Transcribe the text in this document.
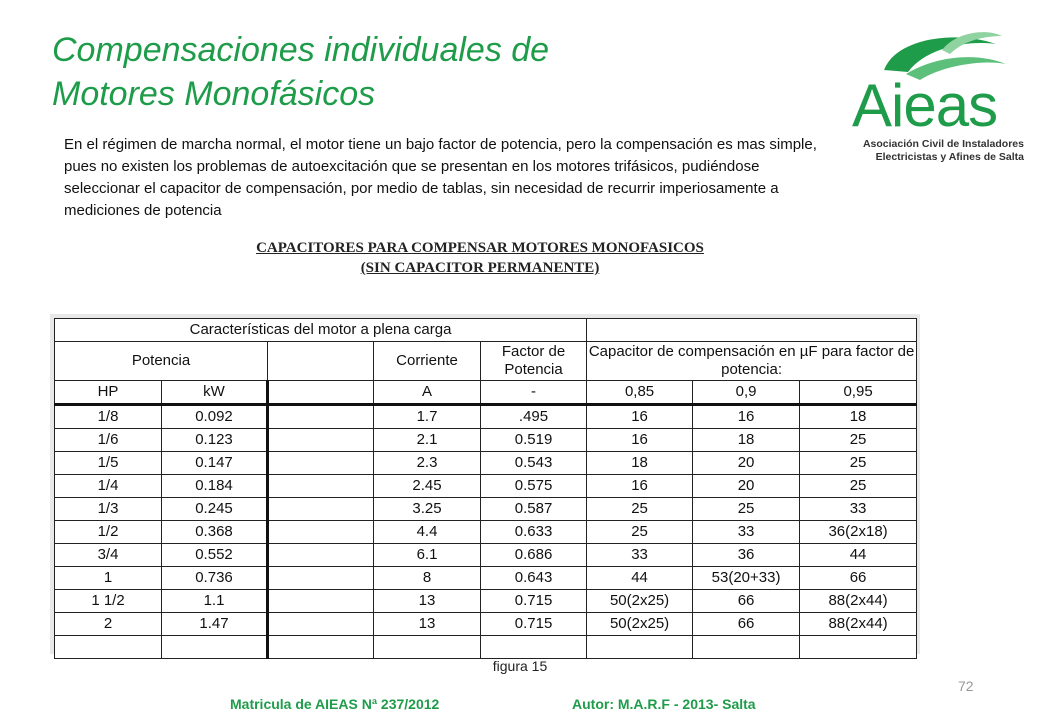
Compensaciones individuales de
Motores Monofásicos	Aieas
Asociación Civil de Instaladores
Electricistas y Afines de Salta

En el régimen de marcha normal, el motor tiene un bajo factor de potencia, pero la compensación es mas simple, pues no existen los problemas de autoexcitación que se presentan en los motores trifásicos, pudiéndose seleccionar el capacitor de compensación, por medio de tablas, sin necesidad de recurrir imperiosamente a mediciones de potencia

CAPACITORES PARA COMPENSAR MOTORES MONOFASICOS
(SIN CAPACITOR PERMANENTE)
Características del motor a plena carga							
Potencia			Corriente	Factor de Potencia	Capacitor de compensación en µF para factor de potencia:		
HP	kW		A	-	0,85	0,9	0,95
1/8	0.092		1.7	.495	16	16	18
1/6	0.123		2.1	0.519	16	18	25
1/5	0.147		2.3	0.543	18	20	25
1/4	0.184		2.45	0.575	16	20	25
1/3	0.245		3.25	0.587	25	25	33
1/2	0.368		4.4	0.633	25	33	36(2x18)
3/4	0.552		6.1	0.686	33	36	44
1	0.736		8	0.643	44	53(20+33)	66
1 1/2	1.1		13	0.715	50(2x25)	66	88(2x44)
2	1.47		13	0.715	50(2x25)	66	88(2x44)

figura 15
72
Matricula de AIEAS Nª 237/2012	Autor: M.A.R.F - 2013- Salta
